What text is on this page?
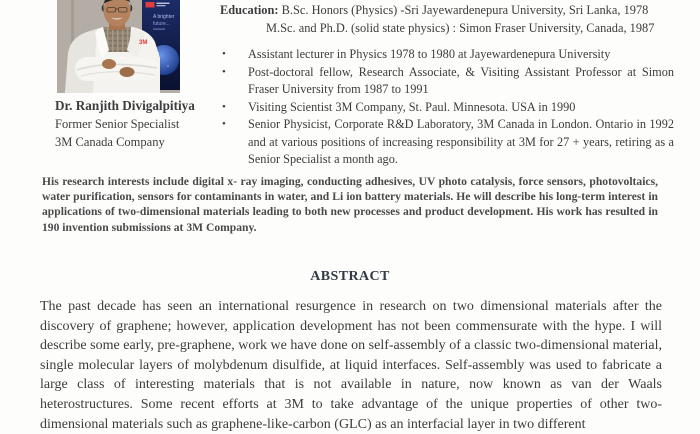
A brighter
future...
3M
Dr. Ranjith Divigalpitiya
Former Senior Specialist
3M Canada Company
Education: B.Sc. Honors (Physics) -Sri Jayewardenepura University, Sri Lanka, 1978
M.Sc. and Ph.D. (solid state physics) : Simon Fraser University, Canada, 1987
•	Assistant lecturer in Physics 1978 to 1980 at Jayewardenepura University
•	Post-doctoral fellow, Research Associate, & Visiting Assistant Professor at Simon Fraser University from 1987 to 1991
•	Visiting Scientist 3M Company, St. Paul. Minnesota. USA in 1990
•	Senior Physicist, Corporate R&D Laboratory, 3M Canada in London. Ontario in 1992 and at various positions of increasing responsibility at 3M for 27 + years, retiring as a Senior Specialist a month ago.
His research interests include digital x- ray imaging, conducting adhesives, UV photo catalysis, force sensors, photovoltaics, water purification, sensors for contaminants in water, and Li ion battery materials. He will describe his long-term interest in applications of two-dimensional materials leading to both new processes and product development. His work has resulted in 190 invention submissions at 3M Company.
ABSTRACT
The past decade has seen an international resurgence in research on two dimensional materials after the discovery of graphene; however, application development has not been commensurate with the hype. I will describe some early, pre-graphene, work we have done on self-assembly of a classic two-dimensional material, single molecular layers of molybdenum disulfide, at liquid interfaces. Self-assembly was used to fabricate a large class of interesting materials that is not available in nature, now known as van der Waals heterostructures. Some recent efforts at 3M to take advantage of the unique properties of other two-dimensional materials such as graphene-like-carbon (GLC) as an interfacial layer in two different
